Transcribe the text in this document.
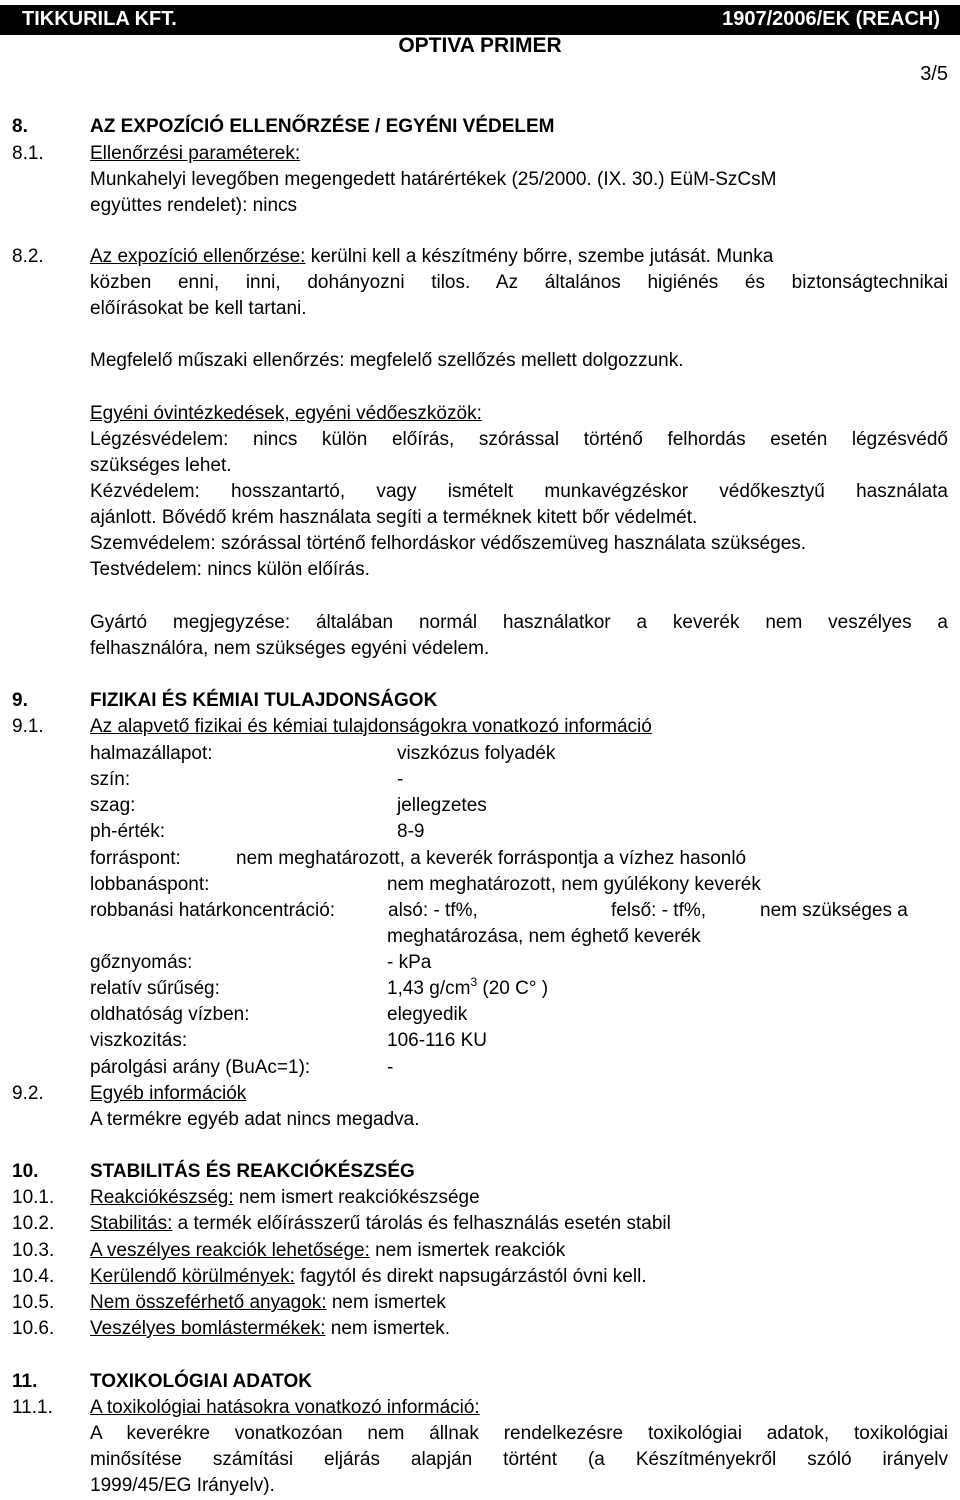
TIKKURILA KFT.	1907/2006/EK (REACH)
OPTIVA PRIMER
3/5
8.	AZ EXPOZÍCIÓ ELLENŐRZÉSE / EGYÉNI VÉDELEM
8.1. Ellenőrzési paraméterek:
Munkahelyi levegőben megengedett határértékek (25/2000. (IX. 30.) EüM-SzCsM
együttes rendelet): nincs
8.2. Az expozíció ellenőrzése: kerülni kell a készítmény bőrre, szembe jutását. Munka
közben enni, inni, dohányozni tilos. Az általános higiénés és biztonságtechnikai
előírásokat be kell tartani.
Megfelelő műszaki ellenőrzés: megfelelő szellőzés mellett dolgozzunk.
Egyéni óvintézkedések, egyéni védőeszközök:
Légzésvédelem: nincs külön előírás, szórással történő felhordás esetén légzésvédő
szükséges lehet.
Kézvédelem: hosszantartó, vagy ismételt munkavégzéskor védőkesztyű használata
ajánlott. Bővédő krém használata segíti a terméknek kitett bőr védelmét.
Szemvédelem: szórással történő felhordáskor védőszemüveg használata szükséges.
Testvédelem: nincs külön előírás.
Gyártó megjegyzése: általában normál használatkor a keverék nem veszélyes a
felhasználóra, nem szükséges egyéni védelem.
9.	FIZIKAI ÉS KÉMIAI TULAJDONSÁGOK
9.1. Az alapvető fizikai és kémiai tulajdonságokra vonatkozó információ
halmazállapot:	viszkózus folyadék
szín:	-
szag:	jellegzetes
ph-érték:	8-9
forráspont:	nem meghatározott, a keverék forráspontja a vízhez hasonló
lobbanáspont:	nem meghatározott, nem gyúlékony keverék
robbanási határkoncentráció:	alsó: - tf%,	felső: - tf%,	nem szükséges a
meghatározása, nem éghető keverék
gőznyomás:	- kPa
relatív sűrűség:	1,43 $g/cm^3$ (20 C° )
oldhatóság vízben:	elegyedik
viszkozitás:	106-116 KU
párolgási arány (BuAc=1):	-
9.2. Egyéb információk
A termékre egyéb adat nincs megadva.
10.	STABILITÁS ÉS REAKCIÓKÉSZSÉG
10.1. Reakciókészség: nem ismert reakciókészsége
10.2. Stabilitás: a termék előírásszerű tárolás és felhasználás esetén stabil
10.3. A veszélyes reakciók lehetősége: nem ismertek reakciók
10.4. Kerülendő körülmények: fagytól és direkt napsugárzástól óvni kell.
10.5. Nem összeférhető anyagok: nem ismertek
10.6. Veszélyes bomlástermékek: nem ismertek.
11.	TOXIKOLÓGIAI ADATOK
11.1. A toxikológiai hatásokra vonatkozó információ:
A keverékre vonatkozóan nem állnak rendelkezésre toxikológiai adatok, toxikológiai
minősítése számítási eljárás alapján történt (a Készítményekről szóló irányelv
1999/45/EG Irányelv).
